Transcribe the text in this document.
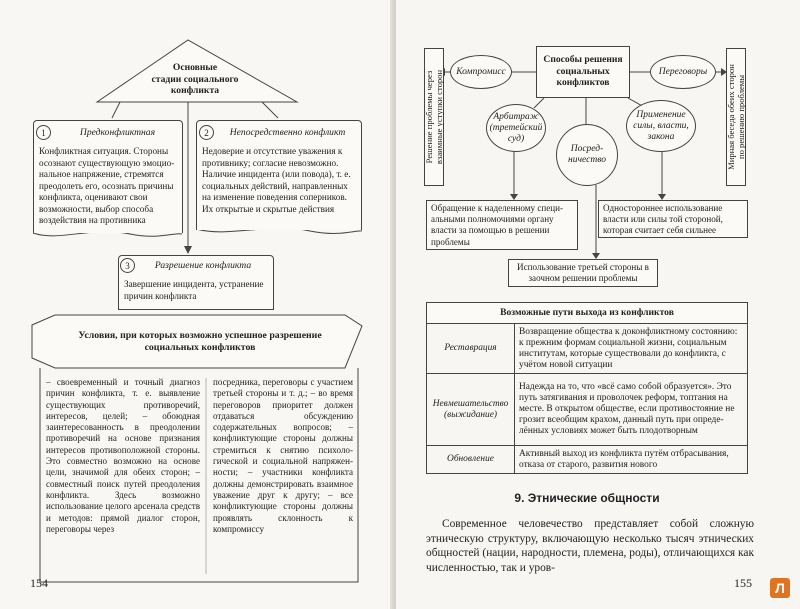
Основные
стадии социального
конфликта
1	Предконфликтная
Конфликтная ситуация. Стороны осознают существующую эмоциональное напряжение, стремятся преодолеть его, осознать причины конфликта, оценивают свои возможности, выбор способа воздействия на противника
2	Непосредственно конфликт
Недоверие и отсутствие уважения к противнику; согласие невозможно. Наличие инцидента (или повода), т. е. социальных действий, направленных на изменение поведения соперников. Их открытые и скрытые действия
3	Разрешение конфликта
Завершение инцидента, устранение причин конфликта
Условия, при которых возможно успешное разрешение
социальных конфликтов
– своевременный и точный диагноз причин конфликта, т. е. выявление существующих противоречий, интересов, целей; – обоюдная заинтересованность в преодолении противоречий на основе признания интересов противоположной стороны. Это совместно возможно на основе цели, значимой для обеих сторон; – совместный поиск путей преодоления конфликта. Здесь возможно использование целого арсенала средств и методов: прямой диалог сторон, переговоры через
посредника, переговоры с участием третьей стороны и т. д.; – во время переговоров приоритет должен отдаваться обсуждению содержательных вопросов; – конфликтующие стороны должны стремиться к снятию психологической и социальной напряженности; – участники конфликта должны демонстрировать взаимное уважение друг к другу; – все конфликтующие стороны должны проявлять склонность к компромиссу
154
Решение проблемы через
взаимные уступки сторон	Мирная беседа обеих сторон
по решению проблемы
Способы решения
социальных
конфликтов
Компромисс	Переговоры
Арбитраж (третейский суд)
Посредничество
Применение силы, власти, закона
Обращение к наделенному специальными полномочиями органу власти за помощью в решении проблемы
Одностороннее использование власти или силы той стороной, которая считает себя сильнее
Использование третьей стороны в заочном решении проблемы
Возможные пути выхода из конфликтов
Реставрация	Возвращение общества к доконфликтному состоянию: к прежним формам социальной жизни, социальным институтам, которые существовали до конфликта, с учётом новой ситуации
Невмешательство (выжидание)	Надежда на то, что «всё само собой образуется». Это путь затягивания и проволочек реформ, топтания на месте. В открытом обществе, если противостояние не грозит всеобщим крахом, данный путь при определённых условиях может быть плодотворным
Обновление	Активный выход из конфликта путём отбрасывания, отказа от старого, развития нового
9. Этнические общности
Современное человечество представляет собой сложную этническую структуру, включающую несколько тысяч этнических общностей (нации, народности, племена, роды), отличающихся как численностью, так и уров-
155	Л
